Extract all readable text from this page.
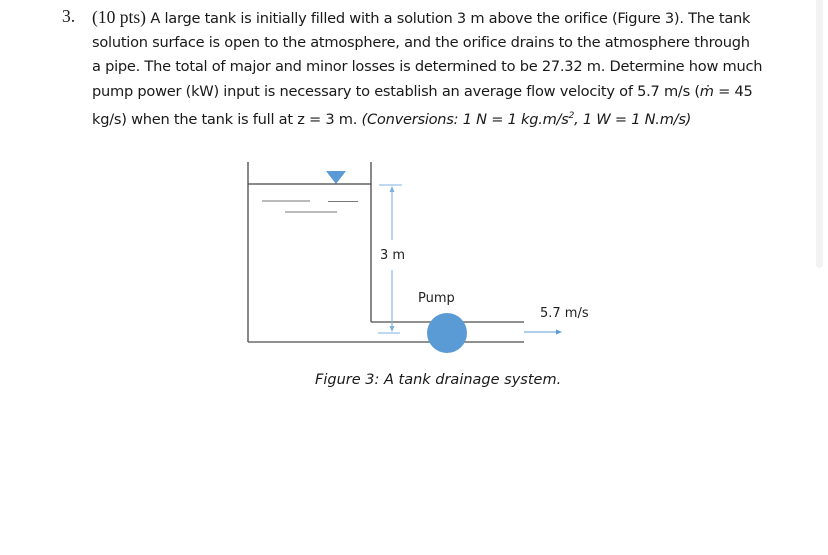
3. (10 pts) A large tank is initially filled with a solution 3 m above the orifice (Figure 3). The tank
solution surface is open to the atmosphere, and the orifice drains to the atmosphere through
a pipe. The total of major and minor losses is determined to be 27.32 m. Determine how much
pump power (kW) input is necessary to establish an average flow velocity of 5.7 m/s (ṁ = 45
kg/s) when the tank is full at z = 3 m. (Conversions: 1 N = 1 $kg.m/s^2$, 1 W = 1 N.m/s)
3 m
Pump
5.7 m/s
Figure 3: A tank drainage system.
